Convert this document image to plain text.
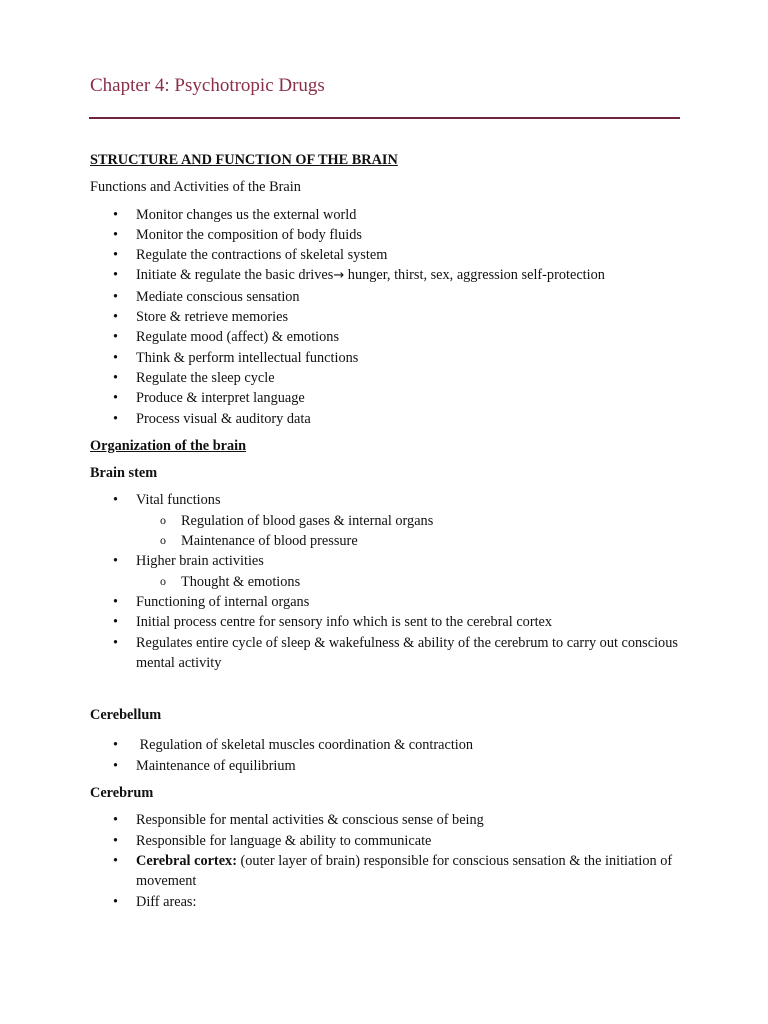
Chapter 4: Psychotropic Drugs

STRUCTURE AND FUNCTION OF THE BRAIN

Functions and Activities of the Brain

• Monitor changes us the external world
• Monitor the composition of body fluids
• Regulate the contractions of skeletal system
• Initiate & regulate the basic drives→ hunger, thirst, sex, aggression self-protection
• Mediate conscious sensation
• Store & retrieve memories
• Regulate mood (affect) & emotions
• Think & perform intellectual functions
• Regulate the sleep cycle
• Produce & interpret language
• Process visual & auditory data

Organization of the brain

Brain stem

• Vital functions
o Regulation of blood gases & internal organs
o Maintenance of blood pressure
• Higher brain activities
o Thought & emotions
• Functioning of internal organs
• Initial process centre for sensory info which is sent to the cerebral cortex
• Regulates entire cycle of sleep & wakefulness & ability of the cerebrum to carry out conscious mental activity

Cerebellum

•  Regulation of skeletal muscles coordination & contraction
• Maintenance of equilibrium

Cerebrum

• Responsible for mental activities & conscious sense of being
• Responsible for language & ability to communicate
• Cerebral cortex: (outer layer of brain) responsible for conscious sensation & the initiation of movement
• Diff areas:
